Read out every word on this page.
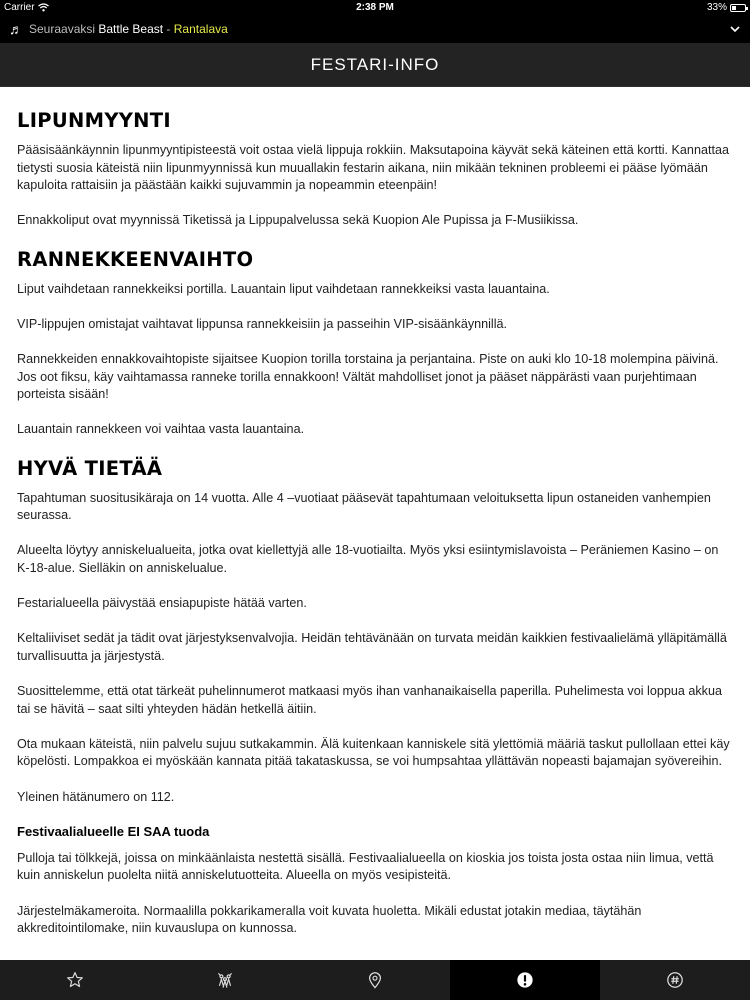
Carrier	2:38 PM	33%
♬ Seuraavaksi Battle Beast - Rantalava
FESTARI-INFO
LIPUNMYYNTI

Pääsisäänkäynnin lipunmyyntipisteestä voit ostaa vielä lippuja rokkiin. Maksutapoina käyvät sekä käteinen että kortti. Kannattaa tietysti suosia käteistä niin lipunmyynnissä kun muuallakin festarin aikana, niin mikään tekninen probleemi ei pääse lyömään kapuloita rattaisiin ja päästään kaikki sujuvammin ja nopeammin eteenpäin!

Ennakkoliput ovat myynnissä Tiketissä ja Lippupalvelussa sekä Kuopion Ale Pupissa ja F-Musiikissa.

RANNEKKEENVAIHTO

Liput vaihdetaan rannekkeiksi portilla. Lauantain liput vaihdetaan rannekkeiksi vasta lauantaina.

VIP-lippujen omistajat vaihtavat lippunsa rannekkeisiin ja passeihin VIP-sisäänkäynnillä.

Rannekkeiden ennakkovaihtopiste sijaitsee Kuopion torilla torstaina ja perjantaina. Piste on auki klo 10-18 molempina päivinä. Jos oot fiksu, käy vaihtamassa ranneke torilla ennakkoon! Vältät mahdolliset jonot ja pääset näppärästi vaan purjehtimaan porteista sisään!

Lauantain rannekkeen voi vaihtaa vasta lauantaina.

HYVÄ TIETÄÄ

Tapahtuman suositusikäraja on 14 vuotta. Alle 4 –vuotiaat pääsevät tapahtumaan veloituksetta lipun ostaneiden vanhempien seurassa.

Alueelta löytyy anniskelualueita, jotka ovat kiellettyjä alle 18-vuotiailta. Myös yksi esiintymislavoista – Peräniemen Kasino – on K-18-alue. Sielläkin on anniskelualue.

Festarialueella päivystää ensiapupiste hätää varten.

Keltaliiviset sedät ja tädit ovat järjestyksenvalvojia. Heidän tehtävänään on turvata meidän kaikkien festivaalielämä ylläpitämällä turvallisuutta ja järjestystä.

Suosittelemme, että otat tärkeät puhelinnumerot matkaasi myös ihan vanhanaikaisella paperilla. Puhelimesta voi loppua akkua tai se hävitä – saat silti yhteyden hädän hetkellä äitiin.

Ota mukaan käteistä, niin palvelu sujuu sutkakammin. Älä kuitenkaan kanniskele sitä ylettömiä määriä taskut pullollaan ettei käy köpelösti. Lompakkoa ei myöskään kannata pitää takataskussa, se voi humpsahtaa yllättävän nopeasti bajamajan syövereihin.

Yleinen hätänumero on 112.

Festivaalialueelle EI SAA tuoda

Pulloja tai tölkkejä, joissa on minkäänlaista nestettä sisällä. Festivaalialueella on kioskia jos toista josta ostaa niin limua, vettä kuin anniskelun puolelta niitä anniskelutuotteita. Alueella on myös vesipisteitä.

Järjestelmäkameroita. Normaalilla pokkarikameralla voit kuvata huoletta. Mikäli edustat jotakin mediaa, täytähän akkreditointilomake, niin kuvauslupa on kunnossa.
